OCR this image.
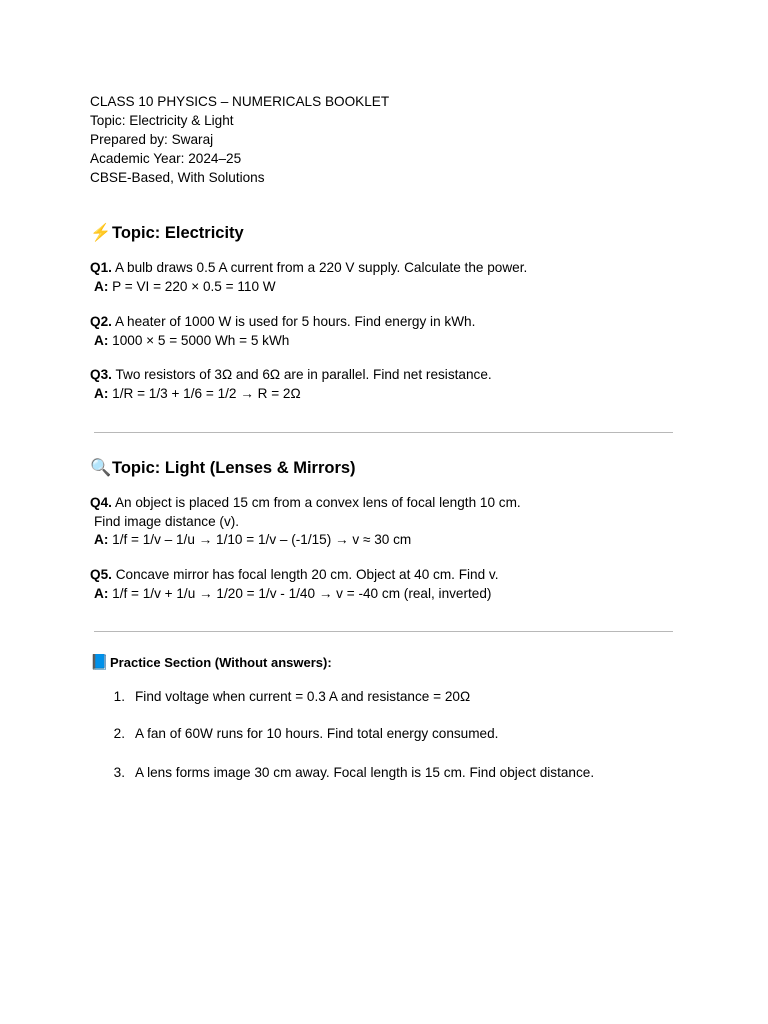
CLASS 10 PHYSICS – NUMERICALS BOOKLET
Topic: Electricity & Light
Prepared by: Swaraj
Academic Year: 2024–25
CBSE-Based, With Solutions
⚡ Topic: Electricity
Q1. A bulb draws 0.5 A current from a 220 V supply. Calculate the power.
A: P = VI = 220 × 0.5 = 110 W
Q2. A heater of 1000 W is used for 5 hours. Find energy in kWh.
A: 1000 × 5 = 5000 Wh = 5 kWh
Q3. Two resistors of 3Ω and 6Ω are in parallel. Find net resistance.
A: 1/R = 1/3 + 1/6 = 1/2 → R = 2Ω
🔍 Topic: Light (Lenses & Mirrors)
Q4. An object is placed 15 cm from a convex lens of focal length 10 cm.
Find image distance (v).
A: 1/f = 1/v – 1/u → 1/10 = 1/v – (-1/15) → v ≈ 30 cm
Q5. Concave mirror has focal length 20 cm. Object at 40 cm. Find v.
A: 1/f = 1/v + 1/u → 1/20 = 1/v - 1/40 → v = -40 cm (real, inverted)
📘 Practice Section (Without answers):
1. Find voltage when current = 0.3 A and resistance = 20Ω
2. A fan of 60W runs for 10 hours. Find total energy consumed.
3. A lens forms image 30 cm away. Focal length is 15 cm. Find object distance.
